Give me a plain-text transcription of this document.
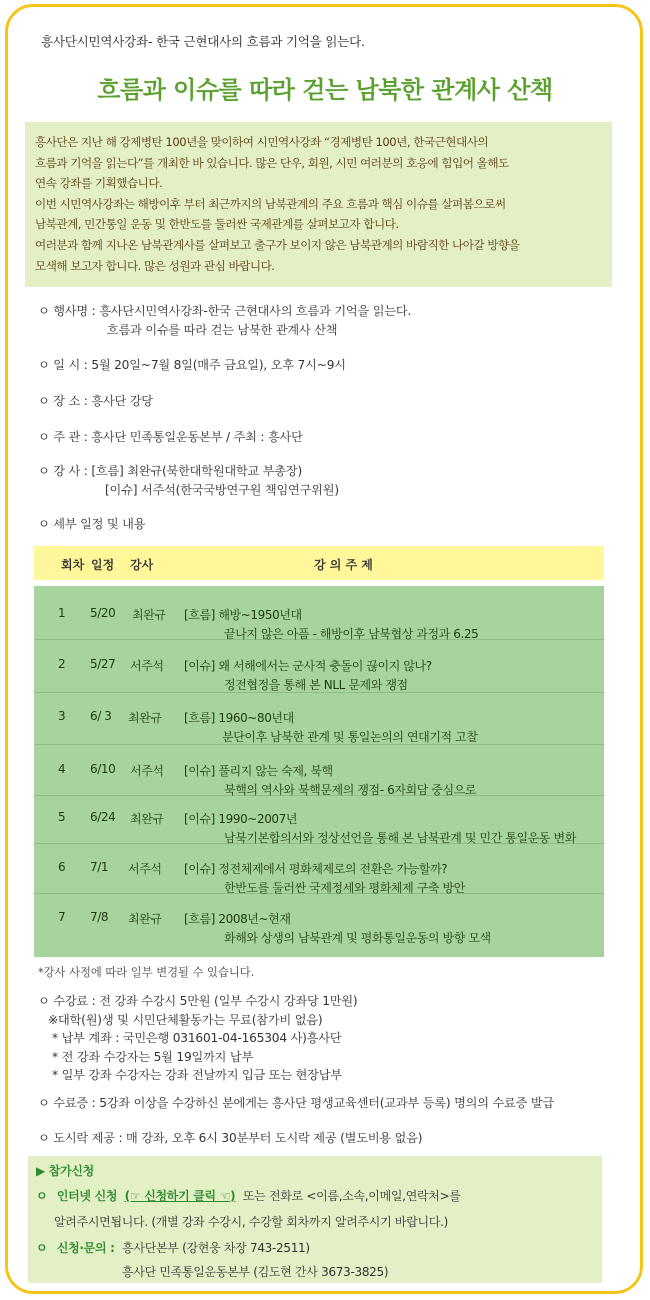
흥사단시민역사강좌- 한국 근현대사의 흐름과 기억을 읽는다.
흐름과 이슈를 따라 걷는 남북한 관계사 산책

흥사단은 지난 해 강제병탄 100년을 맞이하여 시민역사강좌 “경제병탄 100년, 한국근현대사의

흐름과 기억을 읽는다”를 개최한 바 있습니다. 많은 단우, 회원, 시민 여러분의 호응에 힘입어 올해도

연속 강좌를 기획했습니다.

이번 시민역사강좌는 해방이후 부터 최근까지의 남북관계의 주요 흐름과 핵심 이슈를 살펴봄으로써

남북관계, 민간통일 운동 및 한반도를 둘러싼 국제관계를 살펴보고자 합니다.

여러분과 함께 지나온 남북관계사를 살펴보고 출구가 보이지 않은 남북관계의 바람직한 나아갈 방향을

모색해 보고자 합니다. 많은 성원과 관심 바랍니다.

ㅇ 행사명 : 흥사단시민역사강좌-한국 근현대사의 흐름과 기억을 읽는다.
흐름과 이슈를 따라 걷는 남북한 관계사 산책
ㅇ 일 시 : 5월 20일~7월 8일(매주 금요일), 오후 7시~9시
ㅇ 장 소 : 흥사단 강당
ㅇ 주 관 : 흥사단 민족통일운동본부 / 주최 : 흥사단
ㅇ 강 사 : [흐름] 최완규(북한대학원대학교 부총장)
[이슈] 서주석(한국국방연구원 책임연구위원)
ㅇ 세부 일정 및 내용
회차 일정 강사	강 의 주 제
1 5/20 최완규 [흐름] 해방~1950년대
끝나지 않은 아픔 - 해방이후 남북협상 과정과 6.25
2 5/27 서주석 [이슈] 왜 서해에서는 군사적 충돌이 끊이지 않나?
정전협정을 통해 본 NLL 문제와 쟁점
3 6/ 3 최완규 [흐름] 1960~80년대
분단이후 남북한 관계 및 통일논의의 연대기적 고찰
4 6/10 서주석 [이슈] 풀리지 않는 숙제, 북핵
북핵의 역사와 북핵문제의 쟁점- 6자회담 중심으로
5 6/24 최완규 [이슈] 1990~2007년
남북기본합의서와 정상선언을 통해 본 남북관계 및 민간 통일운동 변화
6 7/1 서주석 [이슈] 정전체제에서 평화체제로의 전환은 가능할까?
한반도를 둘러싼 국제정세와 평화체제 구축 방안
7 7/8 최완규 [흐름] 2008년~현재
화해와 상생의 남북관계 및 평화통일운동의 방향 모색
*강사 사정에 따라 일부 변경될 수 있습니다.
ㅇ 수강료 : 전 강좌 수강시 5만원 (일부 수강시 강좌당 1만원)
※대학(원)생 및 시민단체활동가는 무료(참가비 없음)
* 납부 계좌 : 국민은행 031601-04-165304 사)흥사단
* 전 강좌 수강자는 5월 19일까지 납부
* 일부 강좌 수강자는 강좌 전날까지 입금 또는 현장납부
ㅇ 수료증 : 5강좌 이상을 수강하신 분에게는 흥사단 평생교육센터(교과부 등록) 명의의 수료증 발급
ㅇ 도시락 제공 : 매 강좌, 오후 6시 30분부터 도시락 제공 (별도비용 없음)
▶ 참가신청
ㅇ 인터넷 신청 (☞ 신청하기 클릭 ☜) 또는 전화로 <이름,소속,이메일,연락처>를
알려주시면됩니다. (개별 강좌 수강시, 수강할 회차까지 알려주시기 바랍니다.)
ㅇ 신청·문의 : 흥사단본부 (강현웅 차장 743-2511)
흥사단 민족통일운동본부 (김도현 간사 3673-3825)
